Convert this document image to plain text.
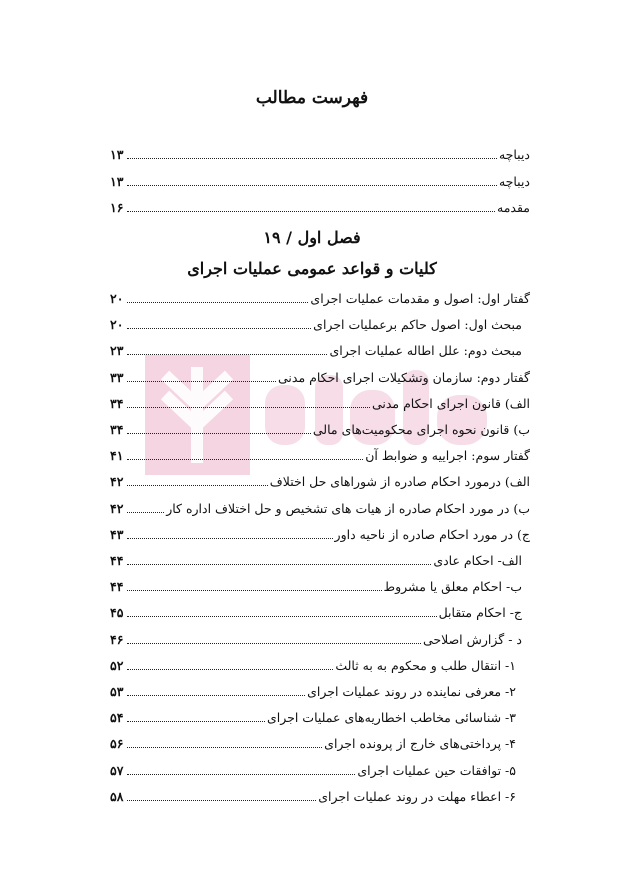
فهرست مطالب
دیباچه
۱۳
دیباچه
۱۳
مقدمه
۱۶
فصل اول / ۱۹
کلیات و قواعد عمومی عملیات اجرای
گفتار اول: اصول و مقدمات عملیات اجرای
۲۰
مبحث اول: اصول حاکم برعملیات اجرای
۲۰
مبحث دوم: علل اطاله عملیات اجرای
۲۳
گفتار دوم: سازمان وتشکیلات اجرای احکام مدنی
۳۳
الف) قانون اجرای احکام مدنی
۳۴
ب) قانون نحوه اجرای محکومیت‌های مالی
۳۴
گفتار سوم: اجراییه و ضوابط آن
۴۱
الف) درمورد احکام صادره از شوراهای حل اختلاف
۴۲
ب) در مورد احکام صادره از هیات های تشخیص و حل اختلاف اداره کار
۴۲
ج) در مورد احکام صادره از ناحیه داور
۴۳
الف- احکام عادی
۴۴
ب- احکام معلق یا مشروط
۴۴
ج- احکام متقابل
۴۵
د - گزارش اصلاحی
۴۶
۱- انتقال طلب و محکوم به به ثالث
۵۲
۲- معرفی نماینده در روند عملیات اجرای
۵۳
۳- شناسائی مخاطب اخطاریه‌های عملیات اجرای
۵۴
۴- پرداختی‌های خارج از پرونده اجرای
۵۶
۵- توافقات حین عملیات اجرای
۵۷
۶- اعطاء مهلت در روند عملیات اجرای
۵۸
